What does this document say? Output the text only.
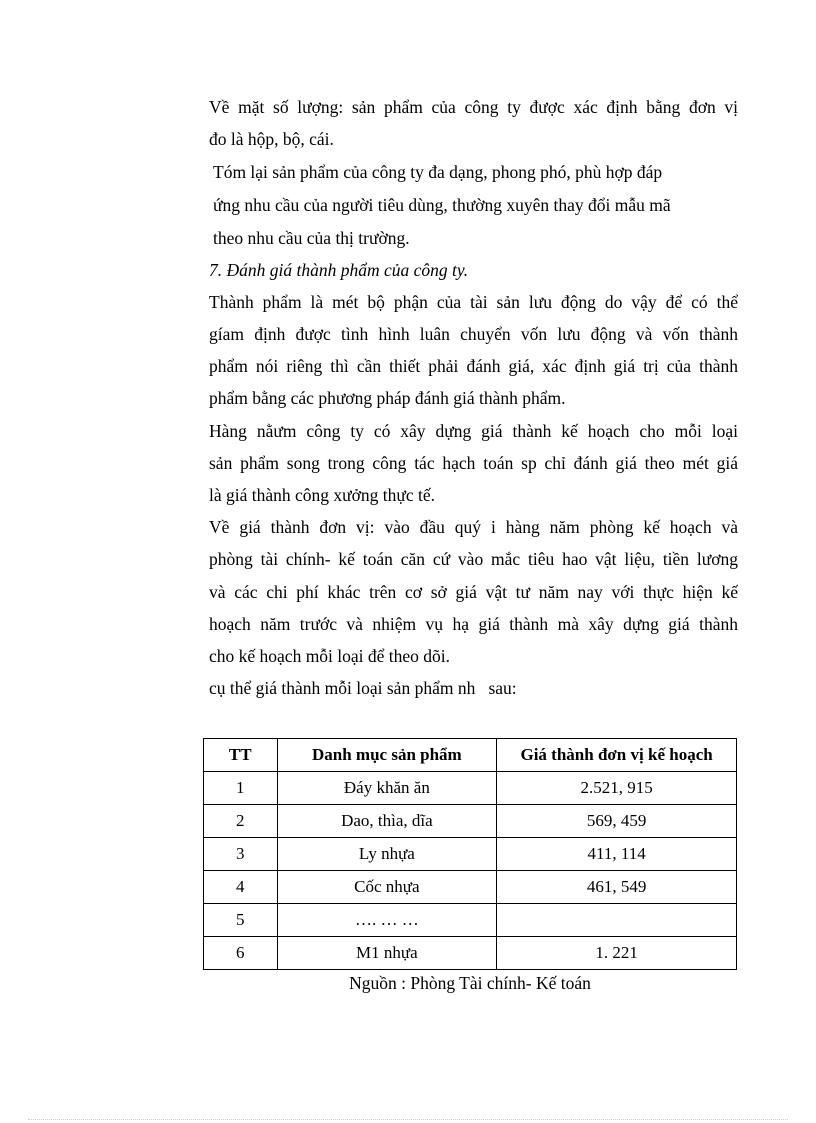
Về mặt số lượng: sản phẩm của công ty được xác định bằng đơn vị
đo là hộp, bộ, cái.
Tóm lại sản phẩm của công ty đa dạng, phong phó, phù hợp đáp
ứng nhu cầu của người tiêu dùng, thường xuyên thay đổi mẫu mã
theo nhu cầu của thị trường.
7. Đánh giá thành phẩm của công ty.
Thành phẩm là mét bộ phận của tài sản lưu động do vậy để có thể
gíam định được tình hình luân chuyển vốn lưu động và vốn thành
phẩm nói riêng thì cần thiết phải đánh giá, xác định giá trị của thành
phẩm bằng các phương pháp đánh giá thành phẩm.
Hàng nằưm công ty có xây dựng giá thành kế hoạch cho mỗi loại
sản phẩm song trong công tác hạch toán sp chỉ đánh giá theo mét giá
là giá thành công xưởng thực tế.
Về giá thành đơn vị: vào đầu quý i hàng năm phòng kế hoạch và
phòng tài chính- kế toán căn cứ vào mắc tiêu hao vật liệu, tiền lương
và các chi phí khác trên cơ sở giá vật tư năm nay với thực hiện kế
hoạch năm trước và nhiệm vụ hạ giá thành mà xây dựng giá thành
cho kế hoạch mỗi loại để theo dõi.
cụ thể giá thành mỗi loại sản phẩm nh   sau:
TT	Danh mục sản phẩm	Giá thành đơn vị kế hoạch
1	Đáy khăn ăn	2.521, 915
2	Dao, thìa, dĩa	569, 459
3	Ly nhựa	411, 114
4	Cốc nhựa	461, 549
5	…. … …	
6	M1 nhựa	1. 221
Nguồn : Phòng Tài chính- Kế toán
